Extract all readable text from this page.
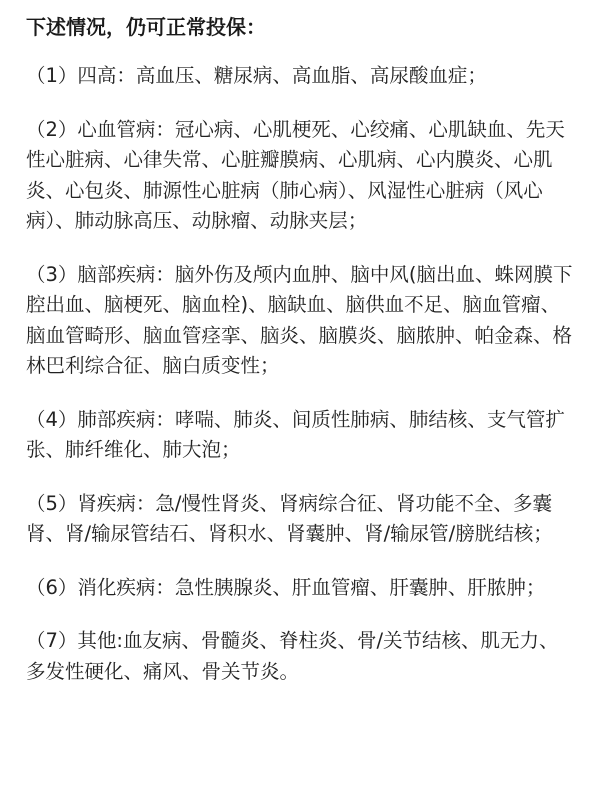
下述情况，仍可正常投保：
（1）四高：高血压、糖尿病、高血脂、高尿酸血症；
（2）心血管病：冠心病、心肌梗死、心绞痛、心肌缺血、先天性心脏病、心律失常、心脏瓣膜病、心肌病、心内膜炎、心肌炎、心包炎、肺源性心脏病（肺心病）、风湿性心脏病（风心病）、肺动脉高压、动脉瘤、动脉夹层；
（3）脑部疾病：脑外伤及颅内血肿、脑中风(脑出血、蛛网膜下腔出血、脑梗死、脑血栓)、脑缺血、脑供血不足、脑血管瘤、脑血管畸形、脑血管痉挛、脑炎、脑膜炎、脑脓肿、帕金森、格林巴利综合征、脑白质变性；
（4）肺部疾病：哮喘、肺炎、间质性肺病、肺结核、支气管扩张、肺纤维化、肺大泡；
（5）肾疾病：急/慢性肾炎、肾病综合征、肾功能不全、多囊肾、肾/输尿管结石、肾积水、肾囊肿、肾/输尿管/膀胱结核；
（6）消化疾病：急性胰腺炎、肝血管瘤、肝囊肿、肝脓肿；
（7）其他:血友病、骨髓炎、脊柱炎、骨/关节结核、肌无力、多发性硬化、痛风、骨关节炎。
